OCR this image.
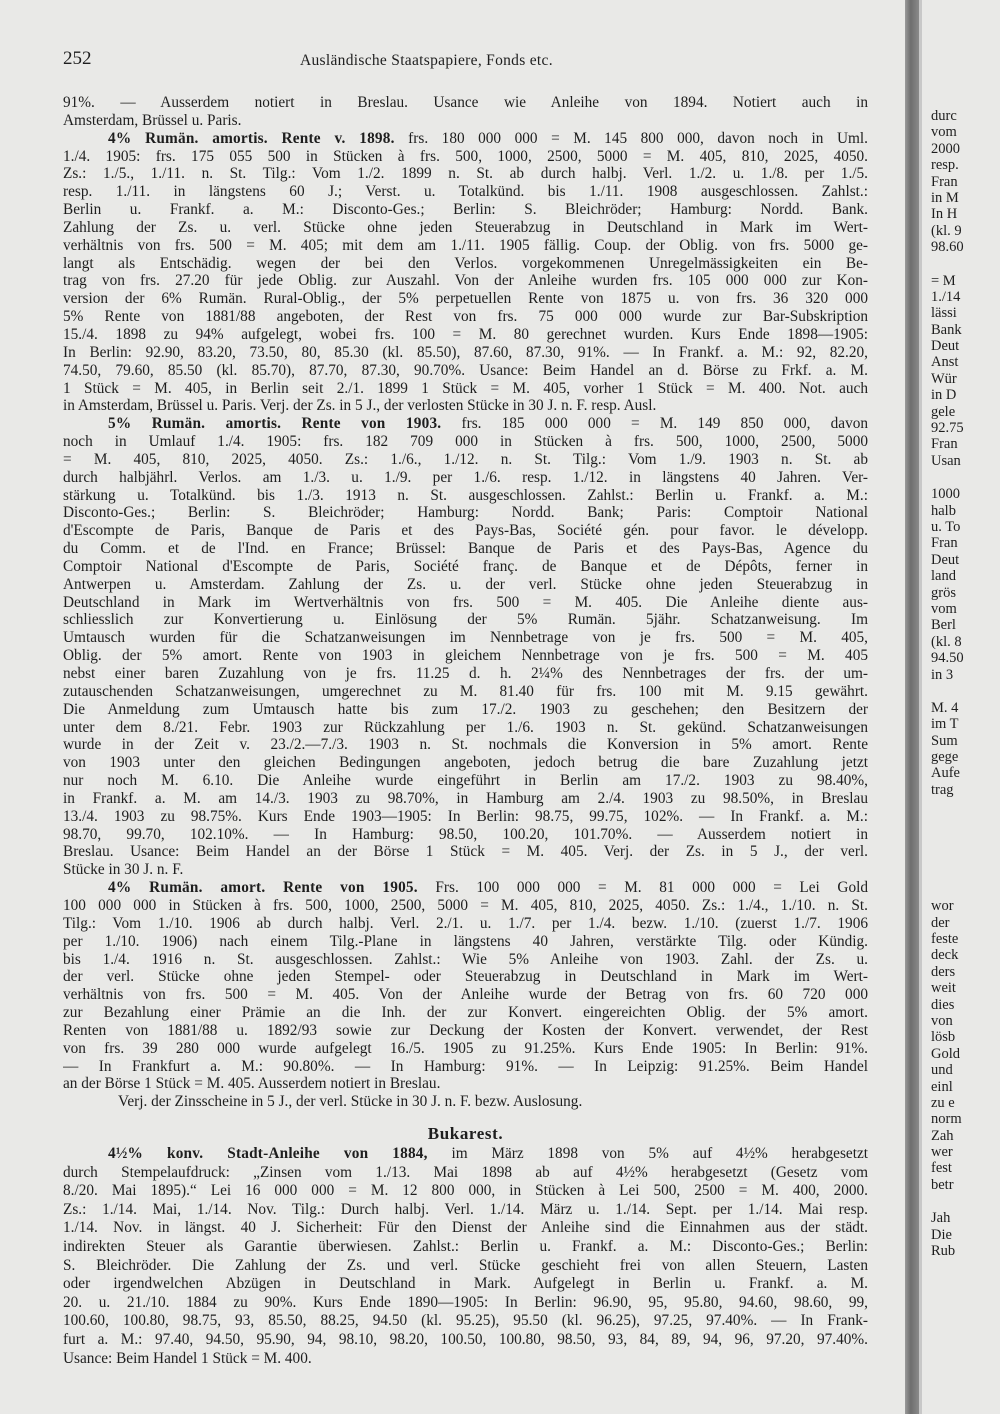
252	Ausländische Staatspapiere, Fonds etc.
91%. — Ausserdem notiert in Breslau. Usance wie Anleihe von 1894. Notiert auch in
Amsterdam, Brüssel u. Paris.
4% Rumän. amortis. Rente v. 1898. frs. 180 000 000 = M. 145 800 000, davon noch in Uml.
1./4. 1905: frs. 175 055 500 in Stücken à frs. 500, 1000, 2500, 5000 = M. 405, 810, 2025, 4050.
Zs.: 1./5., 1./11. n. St. Tilg.: Vom 1./2. 1899 n. St. ab durch halbj. Verl. 1./2. u. 1./8. per 1./5.
resp. 1./11. in längstens 60 J.; Verst. u. Totalkünd. bis 1./11. 1908 ausgeschlossen. Zahlst.:
Berlin u. Frankf. a. M.: Disconto-Ges.; Berlin: S. Bleichröder; Hamburg: Nordd. Bank.
Zahlung der Zs. u. verl. Stücke ohne jeden Steuerabzug in Deutschland in Mark im Wert-
verhältnis von frs. 500 = M. 405; mit dem am 1./11. 1905 fällig. Coup. der Oblig. von frs. 5000 ge-
langt als Entschädig. wegen der bei den Verlos. vorgekommenen Unregelmässigkeiten ein Be-
trag von frs. 27.20 für jede Oblig. zur Auszahl. Von der Anleihe wurden frs. 105 000 000 zur Kon-
version der 6% Rumän. Rural-Oblig., der 5% perpetuellen Rente von 1875 u. von frs. 36 320 000
5% Rente von 1881/88 angeboten, der Rest von frs. 75 000 000 wurde zur Bar-Subskription
15./4. 1898 zu 94% aufgelegt, wobei frs. 100 = M. 80 gerechnet wurden. Kurs Ende 1898—1905:
In Berlin: 92.90, 83.20, 73.50, 80, 85.30 (kl. 85.50), 87.60, 87.30, 91%. — In Frankf. a. M.: 92, 82.20,
74.50, 79.60, 85.50 (kl. 85.70), 87.70, 87.30, 90.70%. Usance: Beim Handel an d. Börse zu Frkf. a. M.
1 Stück = M. 405, in Berlin seit 2./1. 1899 1 Stück = M. 405, vorher 1 Stück = M. 400. Not. auch
in Amsterdam, Brüssel u. Paris. Verj. der Zs. in 5 J., der verlosten Stücke in 30 J. n. F. resp. Ausl.
5% Rumän. amortis. Rente von 1903. frs. 185 000 000 = M. 149 850 000, davon
noch in Umlauf 1./4. 1905: frs. 182 709 000 in Stücken à frs. 500, 1000, 2500, 5000
= M. 405, 810, 2025, 4050. Zs.: 1./6., 1./12. n. St. Tilg.: Vom 1./9. 1903 n. St. ab
durch halbjährl. Verlos. am 1./3. u. 1./9. per 1./6. resp. 1./12. in längstens 40 Jahren. Ver-
stärkung u. Totalkünd. bis 1./3. 1913 n. St. ausgeschlossen. Zahlst.: Berlin u. Frankf. a. M.:
Disconto-Ges.; Berlin: S. Bleichröder; Hamburg: Nordd. Bank; Paris: Comptoir National
d'Escompte de Paris, Banque de Paris et des Pays-Bas, Société gén. pour favor. le développ.
du Comm. et de l'Ind. en France; Brüssel: Banque de Paris et des Pays-Bas, Agence du
Comptoir National d'Escompte de Paris, Société franç. de Banque et de Dépôts, ferner in
Antwerpen u. Amsterdam. Zahlung der Zs. u. der verl. Stücke ohne jeden Steuerabzug in
Deutschland in Mark im Wertverhältnis von frs. 500 = M. 405. Die Anleihe diente aus-
schliesslich zur Konvertierung u. Einlösung der 5% Rumän. 5jähr. Schatzanweisung. Im
Umtausch wurden für die Schatzanweisungen im Nennbetrage von je frs. 500 = M. 405,
Oblig. der 5% amort. Rente von 1903 in gleichem Nennbetrage von je frs. 500 = M. 405
nebst einer baren Zuzahlung von je frs. 11.25 d. h. 2¼% des Nennbetrages der frs. der um-
zutauschenden Schatzanweisungen, umgerechnet zu M. 81.40 für frs. 100 mit M. 9.15 gewährt.
Die Anmeldung zum Umtausch hatte bis zum 17./2. 1903 zu geschehen; den Besitzern der
unter dem 8./21. Febr. 1903 zur Rückzahlung per 1./6. 1903 n. St. gekünd. Schatzanweisungen
wurde in der Zeit v. 23./2.—7./3. 1903 n. St. nochmals die Konversion in 5% amort. Rente
von 1903 unter den gleichen Bedingungen angeboten, jedoch betrug die bare Zuzahlung jetzt
nur noch M. 6.10. Die Anleihe wurde eingeführt in Berlin am 17./2. 1903 zu 98.40%,
in Frankf. a. M. am 14./3. 1903 zu 98.70%, in Hamburg am 2./4. 1903 zu 98.50%, in Breslau
13./4. 1903 zu 98.75%. Kurs Ende 1903—1905: In Berlin: 98.75, 99.75, 102%. — In Frankf. a. M.:
98.70, 99.70, 102.10%. — In Hamburg: 98.50, 100.20, 101.70%. — Ausserdem notiert in
Breslau. Usance: Beim Handel an der Börse 1 Stück = M. 405. Verj. der Zs. in 5 J., der verl.
Stücke in 30 J. n. F.
4% Rumän. amort. Rente von 1905. Frs. 100 000 000 = M. 81 000 000 = Lei Gold
100 000 000 in Stücken à frs. 500, 1000, 2500, 5000 = M. 405, 810, 2025, 4050. Zs.: 1./4., 1./10. n. St.
Tilg.: Vom 1./10. 1906 ab durch halbj. Verl. 2./1. u. 1./7. per 1./4. bezw. 1./10. (zuerst 1./7. 1906
per 1./10. 1906) nach einem Tilg.-Plane in längstens 40 Jahren, verstärkte Tilg. oder Kündig.
bis 1./4. 1916 n. St. ausgeschlossen. Zahlst.: Wie 5% Anleihe von 1903. Zahl. der Zs. u.
der verl. Stücke ohne jeden Stempel- oder Steuerabzug in Deutschland in Mark im Wert-
verhältnis von frs. 500 = M. 405. Von der Anleihe wurde der Betrag von frs. 60 720 000
zur Bezahlung einer Prämie an die Inh. der zur Konvert. eingereichten Oblig. der 5% amort.
Renten von 1881/88 u. 1892/93 sowie zur Deckung der Kosten der Konvert. verwendet, der Rest
von frs. 39 280 000 wurde aufgelegt 16./5. 1905 zu 91.25%. Kurs Ende 1905: In Berlin: 91%.
— In Frankfurt a. M.: 90.80%. — In Hamburg: 91%. — In Leipzig: 91.25%. Beim Handel
an der Börse 1 Stück = M. 405. Ausserdem notiert in Breslau.
Verj. der Zinsscheine in 5 J., der verl. Stücke in 30 J. n. F. bezw. Auslosung.
Bukarest.
4½% konv. Stadt-Anleihe von 1884, im März 1898 von 5% auf 4½% herabgesetzt
durch Stempelaufdruck: „Zinsen vom 1./13. Mai 1898 ab auf 4½% herabgesetzt (Gesetz vom
8./20. Mai 1895).“ Lei 16 000 000 = M. 12 800 000, in Stücken à Lei 500, 2500 = M. 400, 2000.
Zs.: 1./14. Mai, 1./14. Nov. Tilg.: Durch halbj. Verl. 1./14. März u. 1./14. Sept. per 1./14. Mai resp.
1./14. Nov. in längst. 40 J. Sicherheit: Für den Dienst der Anleihe sind die Einnahmen aus der städt.
indirekten Steuer als Garantie überwiesen. Zahlst.: Berlin u. Frankf. a. M.: Disconto-Ges.; Berlin:
S. Bleichröder. Die Zahlung der Zs. und verl. Stücke geschieht frei von allen Steuern, Lasten
oder irgendwelchen Abzügen in Deutschland in Mark. Aufgelegt in Berlin u. Frankf. a. M.
20. u. 21./10. 1884 zu 90%. Kurs Ende 1890—1905: In Berlin: 96.90, 95, 95.80, 94.60, 98.60, 99,
100.60, 100.80, 98.75, 93, 85.50, 88.25, 94.50 (kl. 95.25), 95.50 (kl. 96.25), 97.25, 97.40%. — In Frank-
furt a. M.: 97.40, 94.50, 95.90, 94, 98.10, 98.20, 100.50, 100.80, 98.50, 93, 84, 89, 94, 96, 97.20, 97.40%.
Usance: Beim Handel 1 Stück = M. 400.
durc
vom
2000
resp.
Fran
in M
In H
(kl. 9
98.60
= M
1./14
lässi
Bank
Deut
Anst
Wür
in D
gele
92.75
Fran
Usan
1000
halb
u. To
Fran
Deut
land
grös
vom
Berl
(kl. 8
94.50
in 3
M. 4
im T
Sum
gege
Aufe
trag
wor
der
feste
deck
ders
weit
dies
von
lösb
Gold
und
einl
zu e
norm
Zah
wer
fest
betr
Jah
Die
Rub
